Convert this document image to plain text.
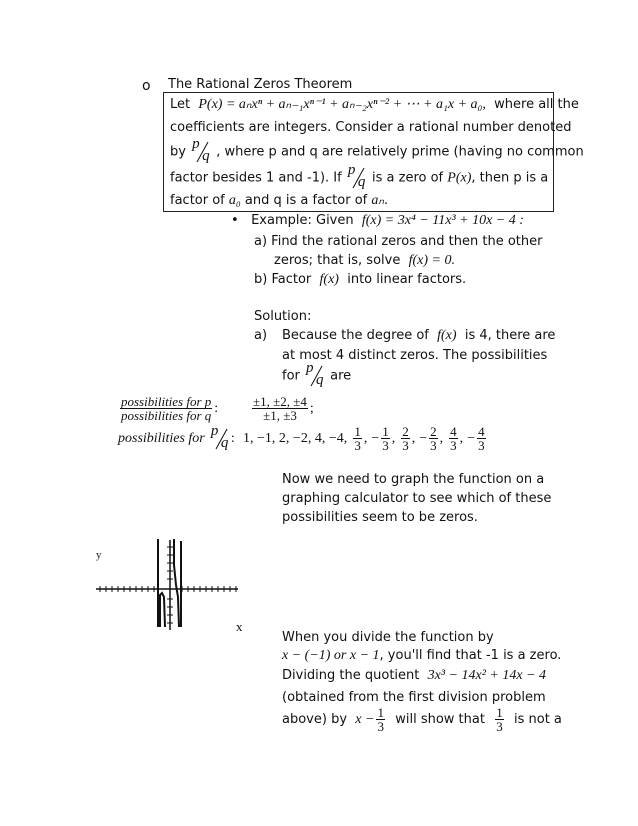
o The Rational Zeros Theorem
Let P(x) = aₙxⁿ + aₙ₋₁xⁿ⁻¹ + aₙ₋₂xⁿ⁻² + ⋯ + a₁x + a₀, where all the
coefficients are integers. Consider a rational number denoted
by p
q , where p and q are relatively prime (having no common
factor besides 1 and -1). If p
q is a zero of P(x), then p is a
factor of a₀ and q is a factor of aₙ.
• Example: Given f(x) = 3x⁴ − 11x³ + 10x − 4 :
a) Find the rational zeros and then the other
zeros; that is, solve f(x) = 0.
b) Factor f(x) into linear factors.
Solution:
a) Because the degree of f(x) is 4, there are
at most 4 distinct zeros. The possibilities
for p
q are
$\frac{\text{possibilities for p}}{\text{possibilities for q}}$ :	$\frac{\pm 1, \pm 2, \pm 4}{\pm 1, \pm 3}$ ;
possibilities for p
q : 1, −1, 2, −2, 4, −4, $\frac{1}{3}$ , − $\frac{1}{3}$ , $\frac{2}{3}$ , − $\frac{2}{3}$ , $\frac{4}{3}$ , − $\frac{4}{3}$
Now we need to graph the function on a
graphing calculator to see which of these
possibilities seem to be zeros.
y
x
When you divide the function by
x − (−1) or x − 1, you'll find that -1 is a zero.
Dividing the quotient 3x³ − 14x² + 14x − 4
(obtained from the first division problem
above) by $x - \frac{1}{3}$ will show that $\frac{1}{3}$ is not a
